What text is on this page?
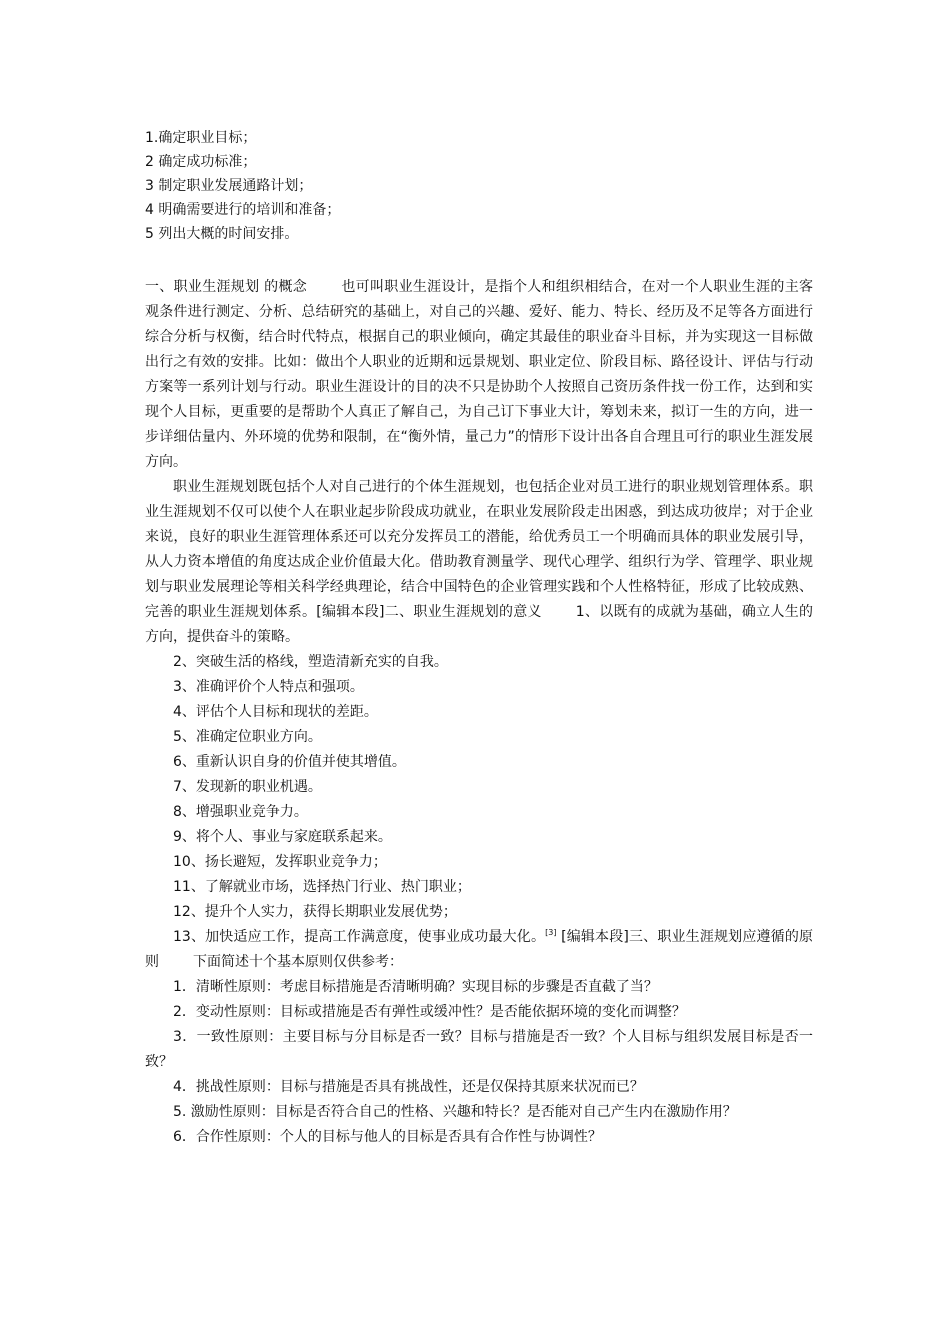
1.确定职业目标；
2 确定成功标准；
3 制定职业发展通路计划；
4 明确需要进行的培训和准备；
5 列出大概的时间安排。

一、职业生涯规划 的概念 也可叫职业生涯设计，是指个人和组织相结合，在对一个人职业生涯的主客观条件进行测定、分析、总结研究的基础上，对自己的兴趣、爱好、能力、特长、经历及不足等各方面进行综合分析与权衡，结合时代特点，根据自己的职业倾向，确定其最佳的职业奋斗目标，并为实现这一目标做出行之有效的安排。比如：做出个人职业的近期和远景规划、职业定位、阶段目标、路径设计、评估与行动方案等一系列计划与行动。职业生涯设计的目的决不只是协助个人按照自己资历条件找一份工作，达到和实现个人目标，更重要的是帮助个人真正了解自己，为自己订下事业大计，筹划未来，拟订一生的方向，进一步详细估量内、外环境的优势和限制，在“衡外情，量己力”的情形下设计出各自合理且可行的职业生涯发展方向。

职业生涯规划既包括个人对自己进行的个体生涯规划，也包括企业对员工进行的职业规划管理体系。职业生涯规划不仅可以使个人在职业起步阶段成功就业，在职业发展阶段走出困惑，到达成功彼岸；对于企业来说，良好的职业生涯管理体系还可以充分发挥员工的潜能，给优秀员工一个明确而具体的职业发展引导，从人力资本增值的角度达成企业价值最大化。借助教育测量学、现代心理学、组织行为学、管理学、职业规划与职业发展理论等相关科学经典理论，结合中国特色的企业管理实践和个人性格特征，形成了比较成熟、完善的职业生涯规划体系。[编辑本段]二、职业生涯规划的意义 1、以既有的成就为基础，确立人生的方向，提供奋斗的策略。

2、突破生活的格线，塑造清新充实的自我。

3、准确评价个人特点和强项。

4、评估个人目标和现状的差距。

5、准确定位职业方向。

6、重新认识自身的价值并使其增值。

7、发现新的职业机遇。

8、增强职业竞争力。

9、将个人、事业与家庭联系起来。

10、扬长避短，发挥职业竞争力；

11、了解就业市场，选择热门行业、热门职业；

12、提升个人实力，获得长期职业发展优势；

13、加快适应工作，提高工作满意度，使事业成功最大化。[3] [编辑本段]三、职业生涯规划应遵循的原则 下面简述十个基本原则仅供参考：

1．清晰性原则：考虑目标措施是否清晰明确？实现目标的步骤是否直截了当？

2．变动性原则：目标或措施是否有弹性或缓冲性？是否能依据环境的变化而调整？

3．一致性原则：主要目标与分目标是否一致？目标与措施是否一致？个人目标与组织发展目标是否一致？

4．挑战性原则：目标与措施是否具有挑战性，还是仅保持其原来状况而已？

5. 激励性原则：目标是否符合自己的性格、兴趣和特长？是否能对自己产生内在激励作用？

6．合作性原则：个人的目标与他人的目标是否具有合作性与协调性？
